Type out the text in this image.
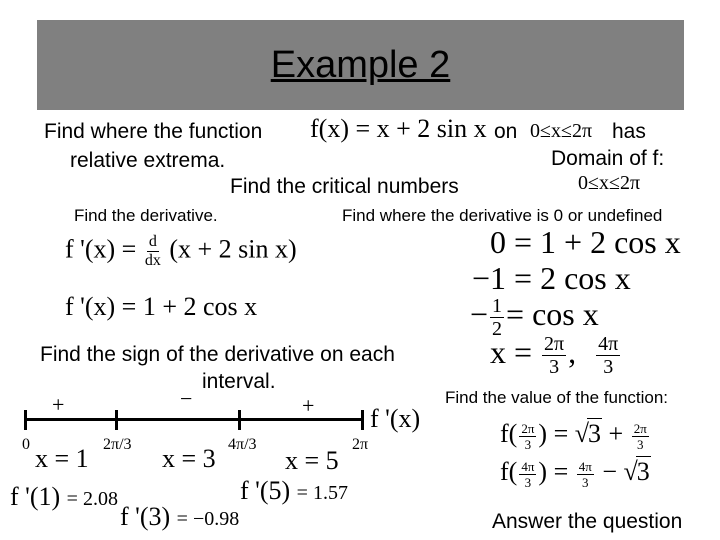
Example 2
Find where the function f(x) = x + 2 sin x on 0≤x≤2π has
relative extrema.	Domain of f:
0≤x≤2π
Find the critical numbers
Find the derivative.
f '$(x) = \frac{d}{dx} (x + 2$ sin x)
f '(x) = 1 + 2 cos x
Find where the derivative is 0 or undefined
0 = 1 + 2 cos x
−1 = 2 cos x
− $\frac{1}{2} = \cos x$
$x = \frac{2\pi}{3}$ , $\frac{4\pi}{3}$
Find the sign of the derivative on each
interval.
+	−	+ f '(x)
0	2π/3	4π/3	2π
x = 1	x = 3	x = 5
f '(1) = 2.08	f '(5) = 1.57
f '(3) = −0.98
Find the value of the function:
$f( \frac{2\pi}{3}$ ) = $√3 + \frac{2\pi}{3}$
$f( \frac{4\pi}{3}$ ) = $\frac{4\pi}{3} - √3$
Answer the question
